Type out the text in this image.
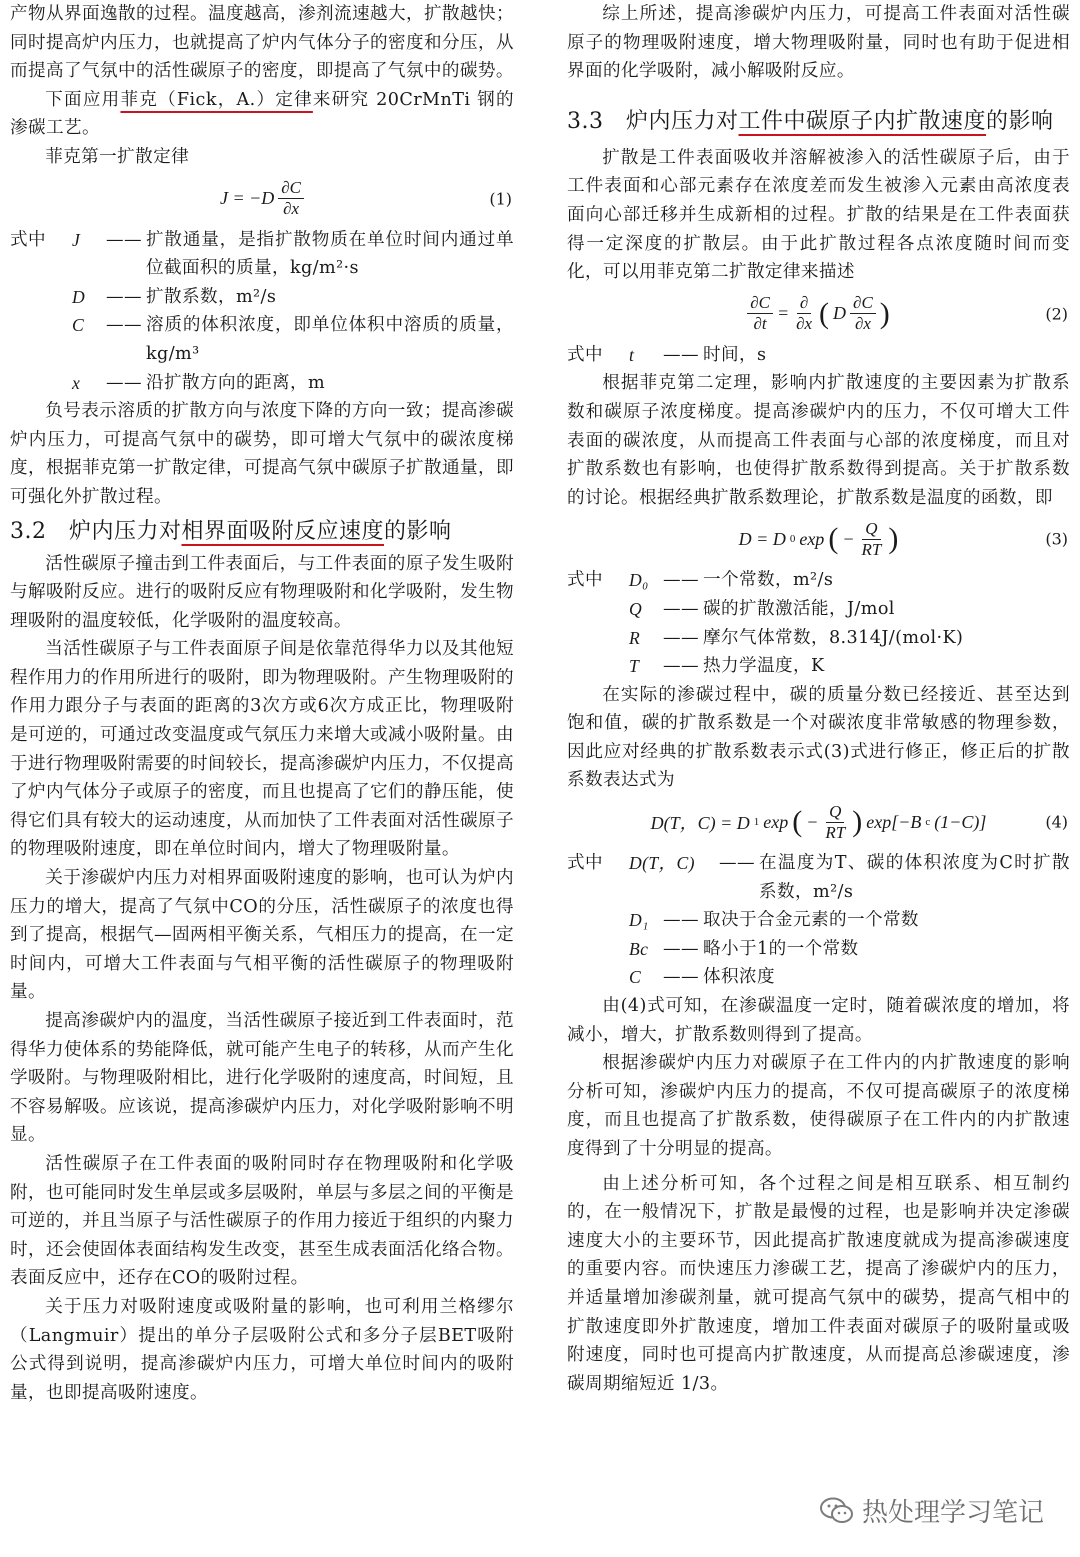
产物从界面逸散的过程。温度越高，渗剂流速越大，扩散越快；同时提高炉内压力，也就提高了炉内气体分子的密度和分压，从而提高了气氛中的活性碳原子的密度，即提高了气氛中的碳势。

下面应用菲克（Fick，A.）定律来研究 20CrMnTi 钢的渗碳工艺。

菲克第一扩散定律

$J = -D \frac{\partial C}{\partial x}$	(1)
式中	J	—— 扩散通量，是指扩散物质在单位时间内通过单位截面积的质量，kg/m²·s
D	—— 扩散系数，m²/s
C	—— 溶质的体积浓度，即单位体积中溶质的质量，kg/m³
x	—— 沿扩散方向的距离，m

负号表示溶质的扩散方向与浓度下降的方向一致；提高渗碳炉内压力，可提高气氛中的碳势，即可增大气氛中的碳浓度梯度，根据菲克第一扩散定律，可提高气氛中碳原子扩散通量，即可强化外扩散过程。

3.2　炉内压力对相界面吸附反应速度的影响

活性碳原子撞击到工件表面后，与工件表面的原子发生吸附与解吸附反应。进行的吸附反应有物理吸附和化学吸附，发生物理吸附的温度较低，化学吸附的温度较高。

当活性碳原子与工件表面原子间是依靠范得华力以及其他短程作用力的作用所进行的吸附，即为物理吸附。产生物理吸附的作用力跟分子与表面的距离的3次方或6次方成正比，物理吸附是可逆的，可通过改变温度或气氛压力来增大或减小吸附量。由于进行物理吸附需要的时间较长，提高渗碳炉内压力，不仅提高了炉内气体分子或原子的密度，而且也提高了它们的静压能，使得它们具有较大的运动速度，从而加快了工件表面对活性碳原子的物理吸附速度，即在单位时间内，增大了物理吸附量。

关于渗碳炉内压力对相界面吸附速度的影响，也可认为炉内压力的增大，提高了气氛中CO的分压，活性碳原子的浓度也得到了提高，根据气—固两相平衡关系，气相压力的提高，在一定时间内，可增大工件表面与气相平衡的活性碳原子的物理吸附量。

提高渗碳炉内的温度，当活性碳原子接近到工件表面时，范得华力使体系的势能降低，就可能产生电子的转移，从而产生化学吸附。与物理吸附相比，进行化学吸附的速度高，时间短，且不容易解吸。应该说，提高渗碳炉内压力，对化学吸附影响不明显。

活性碳原子在工件表面的吸附同时存在物理吸附和化学吸附，也可能同时发生单层或多层吸附，单层与多层之间的平衡是可逆的，并且当原子与活性碳原子的作用力接近于组织的内聚力时，还会使固体表面结构发生改变，甚至生成表面活化络合物。表面反应中，还存在CO的吸附过程。

关于压力对吸附速度或吸附量的影响，也可利用兰格缪尔（Langmuir）提出的单分子层吸附公式和多分子层BET吸附公式得到说明，提高渗碳炉内压力，可增大单位时间内的吸附量，也即提高吸附速度。

综上所述，提高渗碳炉内压力，可提高工件表面对活性碳原子的物理吸附速度，增大物理吸附量，同时也有助于促进相界面的化学吸附，减小解吸附反应。

3.3　炉内压力对工件中碳原子内扩散速度的影响

扩散是工件表面吸收并溶解被渗入的活性碳原子后，由于工件表面和心部元素存在浓度差而发生被渗入元素由高浓度表面向心部迁移并生成新相的过程。扩散的结果是在工件表面获得一定深度的扩散层。由于此扩散过程各点浓度随时间而变化，可以用菲克第二扩散定律来描述

$\frac{\partial C}{\partial t} = \frac{\partial}{\partial x}$ ( D $\frac{\partial C}{\partial x}$ )	(2)
式中	t	—— 时间，s

根据菲克第二定理，影响内扩散速度的主要因素为扩散系数和碳原子浓度梯度。提高渗碳炉内的压力，不仅可增大工件表面的碳浓度，从而提高工件表面与心部的浓度梯度，而且对扩散系数也有影响，也使得扩散系数得到提高。关于扩散系数的讨论。根据经典扩散系数理论，扩散系数是温度的函数，即

D = D 0 exp ( − $\frac{Q}{RT}$ )	(3)
式中	D₀ —— 一个常数，m²/s
Q	—— 碳的扩散激活能，J/mol
R	—— 摩尔气体常数，8.314J/(mol·K)
T	—— 热力学温度，K

在实际的渗碳过程中，碳的质量分数已经接近、甚至达到饱和值，碳的扩散系数是一个对碳浓度非常敏感的物理参数，因此应对经典的扩散系数表示式(3)式进行修正，修正后的扩散系数表达式为

D(T，C) = D 1 exp ( − $\frac{Q}{RT}$ ) exp[−B c (1−C)]	(4)
式中	D(T，C)	—— 在温度为T、碳的体积浓度为C时扩散系数，m²/s
D₁ —— 取决于合金元素的一个常数
Bc —— 略小于1的一个常数
C	—— 体积浓度

由(4)式可知，在渗碳温度一定时，随着碳浓度的增加，将减小，增大，扩散系数则得到了提高。

根据渗碳炉内压力对碳原子在工件内的内扩散速度的影响分析可知，渗碳炉内压力的提高，不仅可提高碳原子的浓度梯度，而且也提高了扩散系数，使得碳原子在工件内的内扩散速度得到了十分明显的提高。

由上述分析可知，各个过程之间是相互联系、相互制约的，在一般情况下，扩散是最慢的过程，也是影响并决定渗碳速度大小的主要环节，因此提高扩散速度就成为提高渗碳速度的重要内容。而快速压力渗碳工艺，提高了渗碳炉内的压力，并适量增加渗碳剂量，就可提高气氛中的碳势，提高气相中的扩散速度即外扩散速度，增加工件表面对碳原子的吸附量或吸附速度，同时也可提高内扩散速度，从而提高总渗碳速度，渗碳周期缩短近 1/3。

热处理学习笔记
